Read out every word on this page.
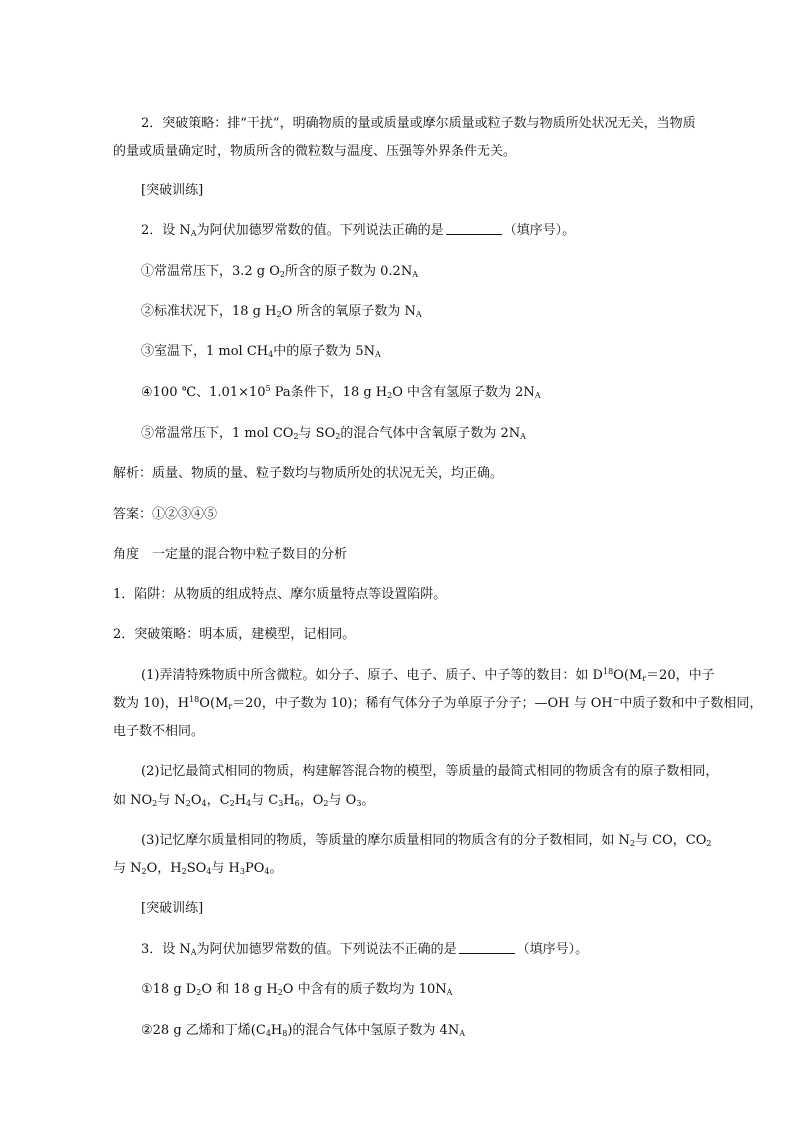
2．突破策略：排“干扰”，明确物质的量或质量或摩尔质量或粒子数与物质所处状况无关，当物质
的量或质量确定时，物质所含的微粒数与温度、压强等外界条件无关。
[突破训练]
2．设 $N_A$为阿伏加德罗常数的值。下列说法正确的是	（填序号）。
①常温常压下，3.2 g $O_2$所含的原子数为 $0.2N_A$
②标准状况下，18 g $H_2O$ 所含的氧原子数为 $N_A$
③室温下，1 mol $CH_4$中的原子数为 $5N_A$
④100 ℃、$1.01\times 10^5$ Pa条件下，18 g $H_2O$ 中含有氢原子数为 $2N_A$
⑤常温常压下，1 mol $CO_2$与 $SO_2$的混合气体中含氧原子数为 $2N_A$
解析：质量、物质的量、粒子数均与物质所处的状况无关，均正确。
答案：①②③④⑤
角度　一定量的混合物中粒子数目的分析
1．陷阱：从物质的组成特点、摩尔质量特点等设置陷阱。
2．突破策略：明本质，建模型，记相同。
(1)弄清特殊物质中所含微粒。如分子、原子、电子、质子、中子等的数目：如 $D^{18}O(M_r=20$，中子
数为 10)，$H^{18}O(M_r=20$，中子数为 10)；稀有气体分子为单原子分子；—OH 与 OH−中质子数和中子数相同，
电子数不相同。
(2)记忆最简式相同的物质，构建解答混合物的模型，等质量的最简式相同的物质含有的原子数相同，
如 $NO_2$与 $N_2O_4$，$C_2H_4$与 $C_3H_6$，$O_2$与 $O_3$。
(3)记忆摩尔质量相同的物质，等质量的摩尔质量相同的物质含有的分子数相同，如 $N_2$与 CO，$CO_2$
与 $N_2O$，$H_2SO_4$与 $H_3PO_4$。
[突破训练]
3．设 $N_A$为阿伏加德罗常数的值。下列说法不正确的是	（填序号）。
①18 g $D_2O$ 和 18 g $H_2O$ 中含有的质子数均为 $10N_A$
②28 g 乙烯和丁烯$(C_4H_8)$的混合气体中氢原子数为 $4N_A$
